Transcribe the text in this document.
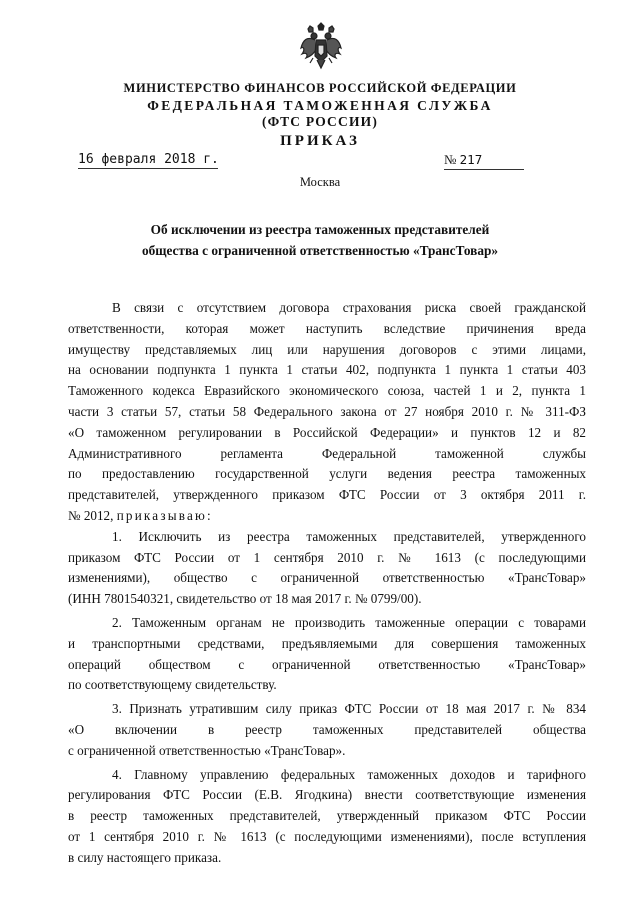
МИНИСТЕРСТВО ФИНАНСОВ РОССИЙСКОЙ ФЕДЕРАЦИИ
ФЕДЕРАЛЬНАЯ ТАМОЖЕННАЯ СЛУЖБА
(ФТС РОССИИ)
ПРИКАЗ
16 февраля 2018 г.	№ 217
Москва
Об исключении из реестра таможенных представителей
общества с ограниченной ответственностью «ТрансТовар»
В связи с отсутствием договора страхования риска своей гражданской
ответственности, которая может наступить вследствие причинения вреда
имуществу представляемых лиц или нарушения договоров с этими лицами,
на основании подпункта 1 пункта 1 статьи 402, подпункта 1 пункта 1 статьи 403
Таможенного кодекса Евразийского экономического союза, частей 1 и 2, пункта 1
части 3 статьи 57, статьи 58 Федерального закона от 27 ноября 2010 г. № 311-ФЗ
«О таможенном регулировании в Российской Федерации» и пунктов 12 и 82
Административного регламента Федеральной таможенной службы
по предоставлению государственной услуги ведения реестра таможенных
представителей, утвержденного приказом ФТС России от 3 октября 2011 г.
№ 2012, приказываю:
1. Исключить из реестра таможенных представителей, утвержденного
приказом ФТС России от 1 сентября 2010 г. № 1613 (с последующими
изменениями), общество с ограниченной ответственностью «ТрансТовар»
(ИНН 7801540321, свидетельство от 18 мая 2017 г. № 0799/00).
2. Таможенным органам не производить таможенные операции с товарами
и транспортными средствами, предъявляемыми для совершения таможенных
операций обществом с ограниченной ответственностью «ТрансТовар»
по соответствующему свидетельству.
3. Признать утратившим силу приказ ФТС России от 18 мая 2017 г. № 834
«О включении в реестр таможенных представителей общества
с ограниченной ответственностью «ТрансТовар».
4. Главному управлению федеральных таможенных доходов и тарифного
регулирования ФТС России (Е.В. Ягодкина) внести соответствующие изменения
в реестр таможенных представителей, утвержденный приказом ФТС России
от 1 сентября 2010 г. № 1613 (с последующими изменениями), после вступления
в силу настоящего приказа.
